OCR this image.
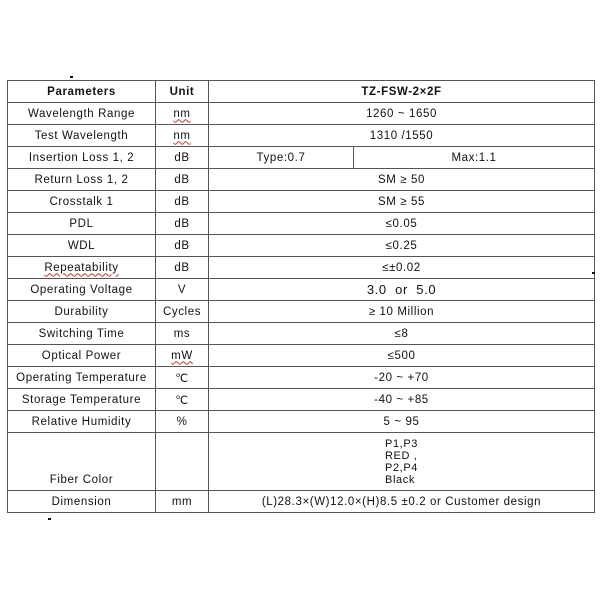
Parameters	Unit	TZ-FSW-2×2F	
Wavelength Range	nm	1260 ~ 1650	
Test Wavelength	nm	1310 /1550	
Insertion Loss 1, 2	dB	Type:0.7	Max:1.1
Return Loss 1, 2	dB	SM ≥ 50	
Crosstalk 1	dB	SM ≥ 55	
PDL	dB	≤0.05	
WDL	dB	≤0.25	
Repeatability	dB	≤±0.02	
Operating Voltage	V	3.0  or  5.0	
Durability	Cycles	≥ 10 Million	
Switching Time	ms	≤8	
Optical Power	mW	≤500	
Operating Temperature	℃	-20 ~ +70	
Storage Temperature	℃	-40 ~ +85	
Relative Humidity	%	5 ~ 95	
Fiber Color		P1,P3
RED ,
P2,P4
Black	
Dimension	mm	(L)28.3×(W)12.0×(H)8.5 ±0.2 or Customer design	
